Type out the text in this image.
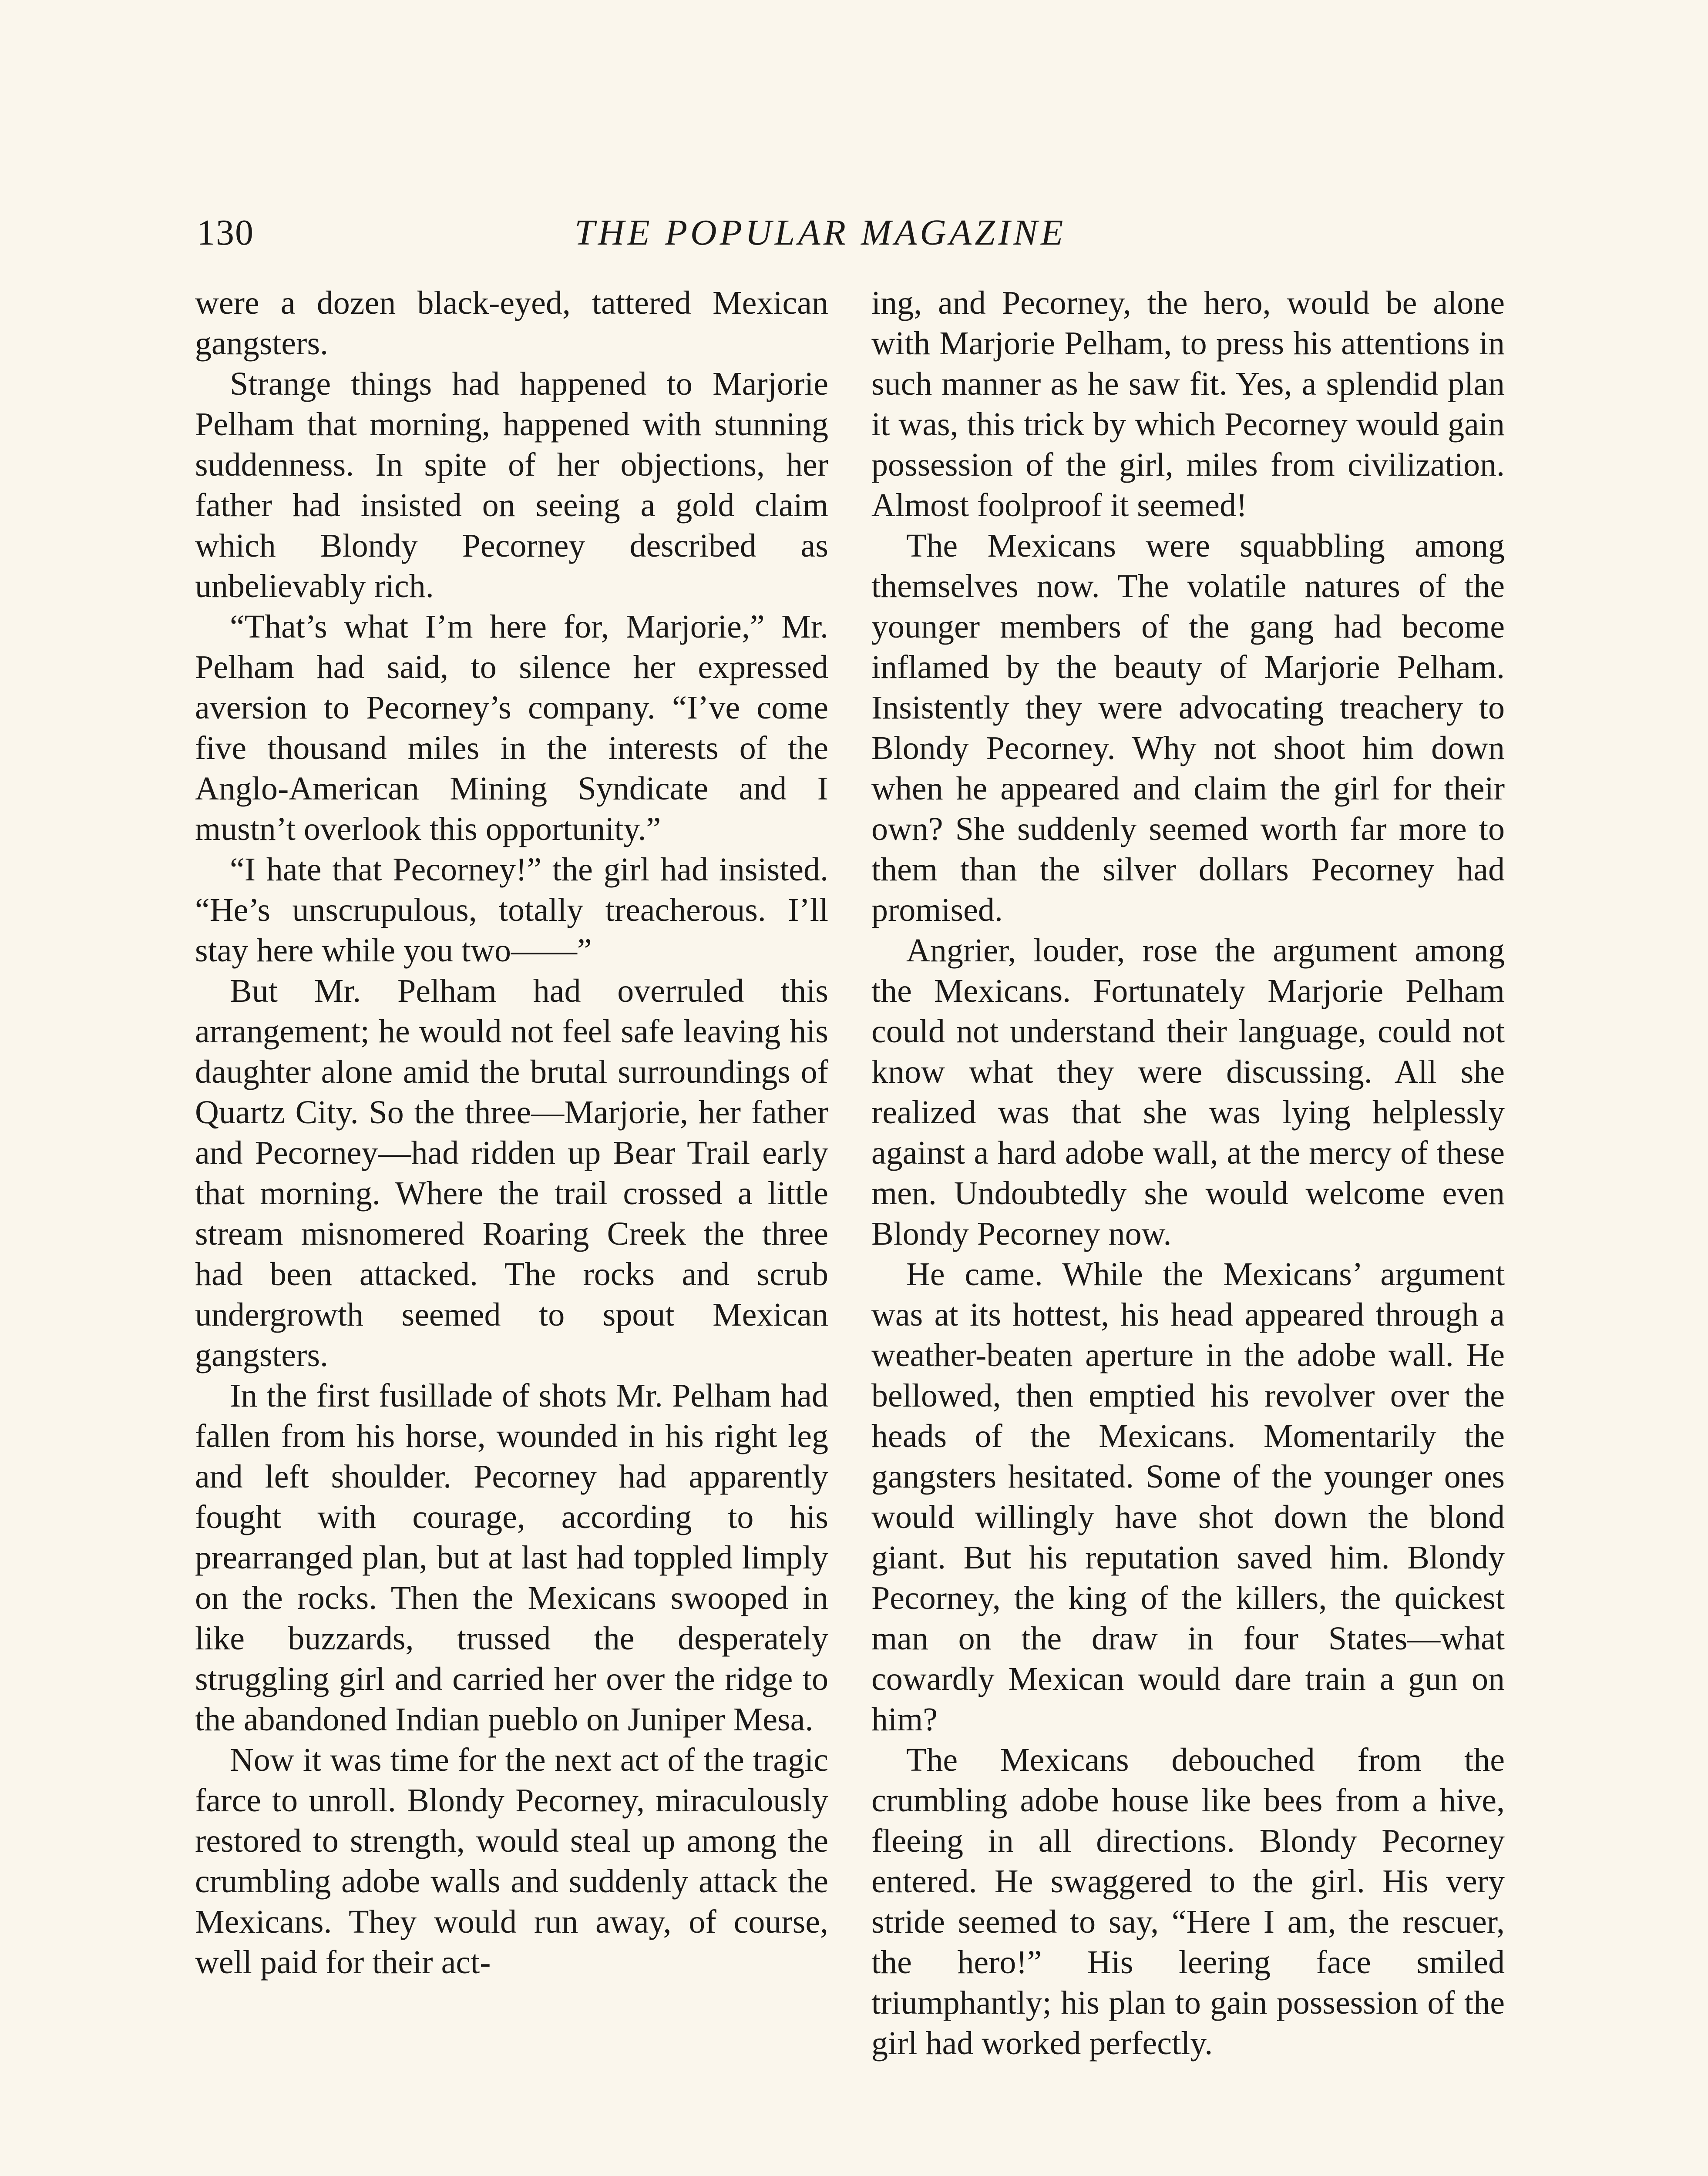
130	THE POPULAR MAGAZINE

were a dozen black-eyed, tattered Mexican gangsters.

Strange things had happened to Marjorie Pelham that morning, happened with stunning suddenness. In spite of her objections, her father had insisted on seeing a gold claim which Blondy Pecorney described as unbelievably rich.

“That’s what I’m here for, Marjorie,” Mr. Pelham had said, to silence her expressed aversion to Pecorney’s company. “I’ve come five thousand miles in the interests of the Anglo-American Mining Syndicate and I mustn’t overlook this opportunity.”

“I hate that Pecorney!” the girl had insisted. “He’s unscrupulous, totally treacherous. I’ll stay here while you two——”

But Mr. Pelham had overruled this arrangement; he would not feel safe leaving his daughter alone amid the brutal surroundings of Quartz City. So the three—Marjorie, her father and Pecorney—had ridden up Bear Trail early that morning. Where the trail crossed a little stream misnomered Roaring Creek the three had been attacked. The rocks and scrub undergrowth seemed to spout Mexican gangsters.

In the first fusillade of shots Mr. Pelham had fallen from his horse, wounded in his right leg and left shoulder. Pecorney had apparently fought with courage, according to his prearranged plan, but at last had toppled limply on the rocks. Then the Mexicans swooped in like buzzards, trussed the desperately struggling girl and carried her over the ridge to the abandoned Indian pueblo on Juniper Mesa.

Now it was time for the next act of the tragic farce to unroll. Blondy Pecorney, miraculously restored to strength, would steal up among the crumbling adobe walls and suddenly attack the Mexicans. They would run away, of course, well paid for their act-

ing, and Pecorney, the hero, would be alone with Marjorie Pelham, to press his attentions in such manner as he saw fit. Yes, a splendid plan it was, this trick by which Pecorney would gain possession of the girl, miles from civilization. Almost foolproof it seemed!

The Mexicans were squabbling among themselves now. The volatile natures of the younger members of the gang had become inflamed by the beauty of Marjorie Pelham. Insistently they were advocating treachery to Blondy Pecorney. Why not shoot him down when he appeared and claim the girl for their own? She suddenly seemed worth far more to them than the silver dollars Pecorney had promised.

Angrier, louder, rose the argument among the Mexicans. Fortunately Marjorie Pelham could not understand their language, could not know what they were discussing. All she realized was that she was lying helplessly against a hard adobe wall, at the mercy of these men. Undoubtedly she would welcome even Blondy Pecorney now.

He came. While the Mexicans’ argument was at its hottest, his head appeared through a weather-beaten aperture in the adobe wall. He bellowed, then emptied his revolver over the heads of the Mexicans. Momentarily the gangsters hesitated. Some of the younger ones would willingly have shot down the blond giant. But his reputation saved him. Blondy Pecorney, the king of the killers, the quickest man on the draw in four States—what cowardly Mexican would dare train a gun on him?

The Mexicans debouched from the crumbling adobe house like bees from a hive, fleeing in all directions. Blondy Pecorney entered. He swaggered to the girl. His very stride seemed to say, “Here I am, the rescuer, the hero!” His leering face smiled triumphantly; his plan to gain possession of the girl had worked perfectly.
